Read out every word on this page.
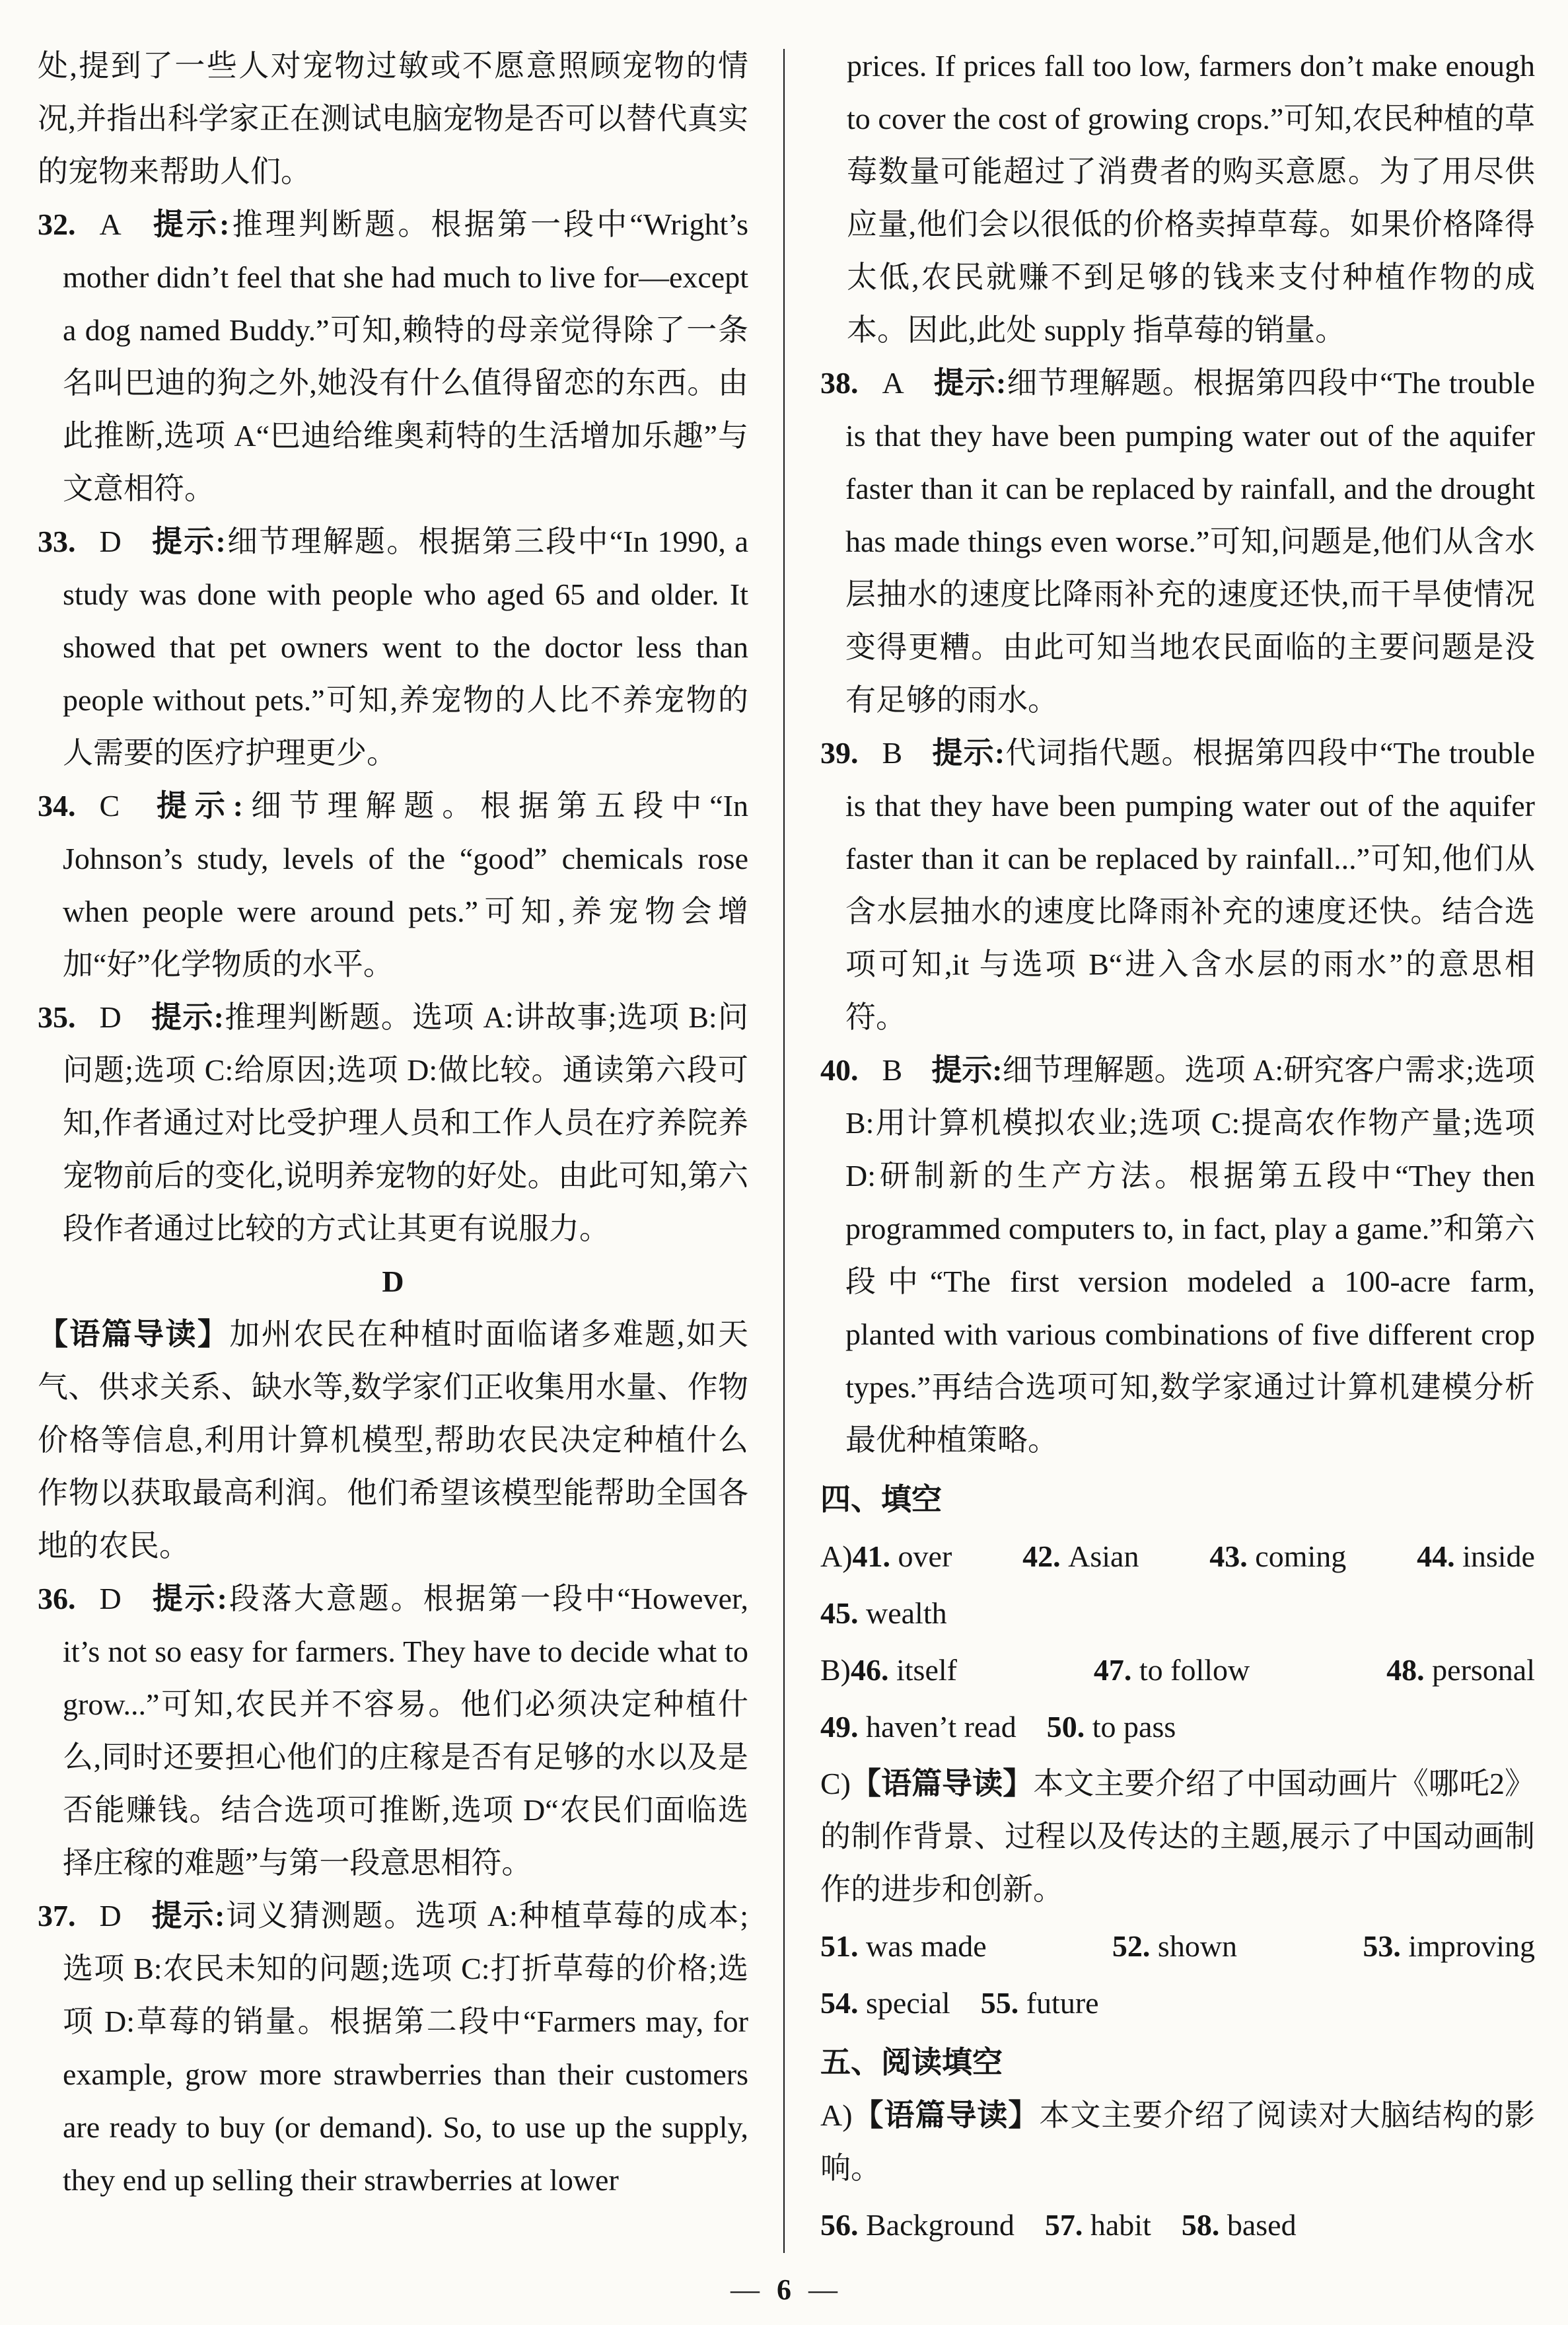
处,提到了一些人对宠物过敏或不愿意照顾宠物的情况,并指出科学家正在测试电脑宠物是否可以替代真实的宠物来帮助人们。

32. A 提示:推理判断题。根据第一段中“Wright’s mother didn’t feel that she had much to live for—except a dog named Buddy.”可知,赖特的母亲觉得除了一条名叫巴迪的狗之外,她没有什么值得留恋的东西。由此推断,选项 A“巴迪给维奥莉特的生活增加乐趣”与文意相符。
33. D 提示:细节理解题。根据第三段中“In 1990, a study was done with people who aged 65 and older. It showed that pet owners went to the doctor less than people without pets.”可知,养宠物的人比不养宠物的人需要的医疗护理更少。
34. C 提示:细节理解题。根据第五段中“In Johnson’s study, levels of the “good” chemicals rose when people were around pets.”可知,养宠物会增加“好”化学物质的水平。
35. D 提示:推理判断题。选项 A:讲故事;选项 B:问问题;选项 C:给原因;选项 D:做比较。通读第六段可知,作者通过对比受护理人员和工作人员在疗养院养宠物前后的变化,说明养宠物的好处。由此可知,第六段作者通过比较的方式让其更有说服力。
D

【语篇导读】加州农民在种植时面临诸多难题,如天气、供求关系、缺水等,数学家们正收集用水量、作物价格等信息,利用计算机模型,帮助农民决定种植什么作物以获取最高利润。他们希望该模型能帮助全国各地的农民。

36. D 提示:段落大意题。根据第一段中“However, it’s not so easy for farmers. They have to decide what to grow...”可知,农民并不容易。他们必须决定种植什么,同时还要担心他们的庄稼是否有足够的水以及是否能赚钱。结合选项可推断,选项 D“农民们面临选择庄稼的难题”与第一段意思相符。
37. D 提示:词义猜测题。选项 A:种植草莓的成本;选项 B:农民未知的问题;选项 C:打折草莓的价格;选项 D:草莓的销量。根据第二段中“Farmers may, for example, grow more strawberries than their customers are ready to buy (or demand). So, to use up the supply, they end up selling their strawberries at lower

prices. If prices fall too low, farmers don’t make enough to cover the cost of growing crops.”可知,农民种植的草莓数量可能超过了消费者的购买意愿。为了用尽供应量,他们会以很低的价格卖掉草莓。如果价格降得太低,农民就赚不到足够的钱来支付种植作物的成本。因此,此处 supply 指草莓的销量。

38. A 提示:细节理解题。根据第四段中“The trouble is that they have been pumping water out of the aquifer faster than it can be replaced by rainfall, and the drought has made things even worse.”可知,问题是,他们从含水层抽水的速度比降雨补充的速度还快,而干旱使情况变得更糟。由此可知当地农民面临的主要问题是没有足够的雨水。
39. B 提示:代词指代题。根据第四段中“The trouble is that they have been pumping water out of the aquifer faster than it can be replaced by rainfall...”可知,他们从含水层抽水的速度比降雨补充的速度还快。结合选项可知,it 与选项 B“进入含水层的雨水”的意思相符。
40. B 提示:细节理解题。选项 A:研究客户需求;选项 B:用计算机模拟农业;选项 C:提高农作物产量;选项 D:研制新的生产方法。根据第五段中“They then programmed computers to, in fact, play a game.”和第六段中“The first version modeled a 100-acre farm, planted with various combinations of five different crop types.”再结合选项可知,数学家通过计算机建模分析最优种植策略。
四、填空
A) 41. over 42. Asian 43. coming 44. inside
45. wealth
B) 46. itself	47. to follow	48. personal
49. haven’t read 50. to pass

C)【语篇导读】本文主要介绍了中国动画片《哪吒2》的制作背景、过程以及传达的主题,展示了中国动画制作的进步和创新。

51. was made	52. shown	53. improving
54. special 55. future
五、阅读填空

A)【语篇导读】本文主要介绍了阅读对大脑结构的影响。

56. Background 57. habit 58. based
— 6 —
